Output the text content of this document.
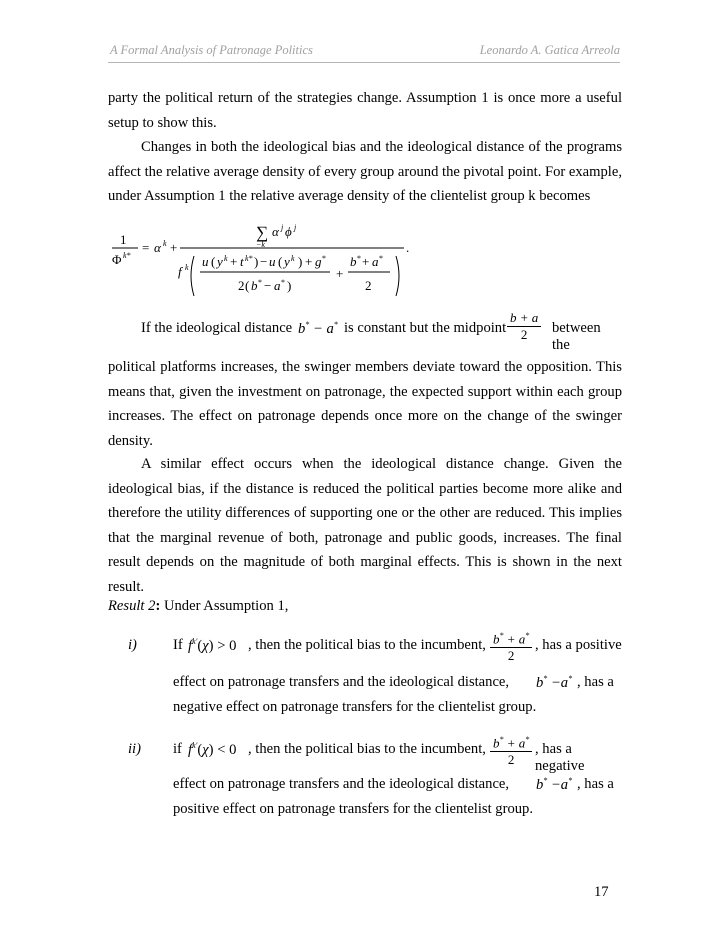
A Formal Analysis of Patronage Politics	Leonardo A. Gatica Arreola
party the political return of the strategies change. Assumption 1 is once more a useful setup to show this.
Changes in both the ideological bias and the ideological distance of the programs affect the relative average density of every group around the pivotal point. For example, under Assumption 1 the relative average density of the clientelist group k becomes
1
Φ k*
= α k +
∑ α j ϕ j
−k	.
f k u ( y k + t k* ) − u ( y k ) + g *
2 ( b * − a * )
+
b * + a *
2
If the ideological distance b* − a* is constant but the midpoint $\frac{b + a}{2}$ between the
political platforms increases, the swinger members deviate toward the opposition. This means that, given the investment on patronage, the expected support within each group increases. The effect on patronage depends once more on the change of the swinger density.
A similar effect occurs when the ideological distance change. Given the ideological bias, if the distance is reduced the political parties become more alike and therefore the utility differences of supporting one or the other are reduced. This implies that the marginal revenue of both, patronage and public goods, increases. The final result depends on the magnitude of both marginal effects. This is shown in the next result.
Result 2: Under Assumption 1,
i) If $f^{k'}(\chi) > 0$ , then the political bias to the incumbent, $\frac{b^* + a^*}{2}$ , has a positive
effect on patronage transfers and the ideological distance, b* −a* , has a
negative effect on patronage transfers for the clientelist group.
ii) if $f^{k'}(\chi) < 0$ , then the political bias to the incumbent, $\frac{b^* + a^*}{2}$ , has a negative
effect on patronage transfers and the ideological distance, b* −a* , has a
positive effect on patronage transfers for the clientelist group.
17
